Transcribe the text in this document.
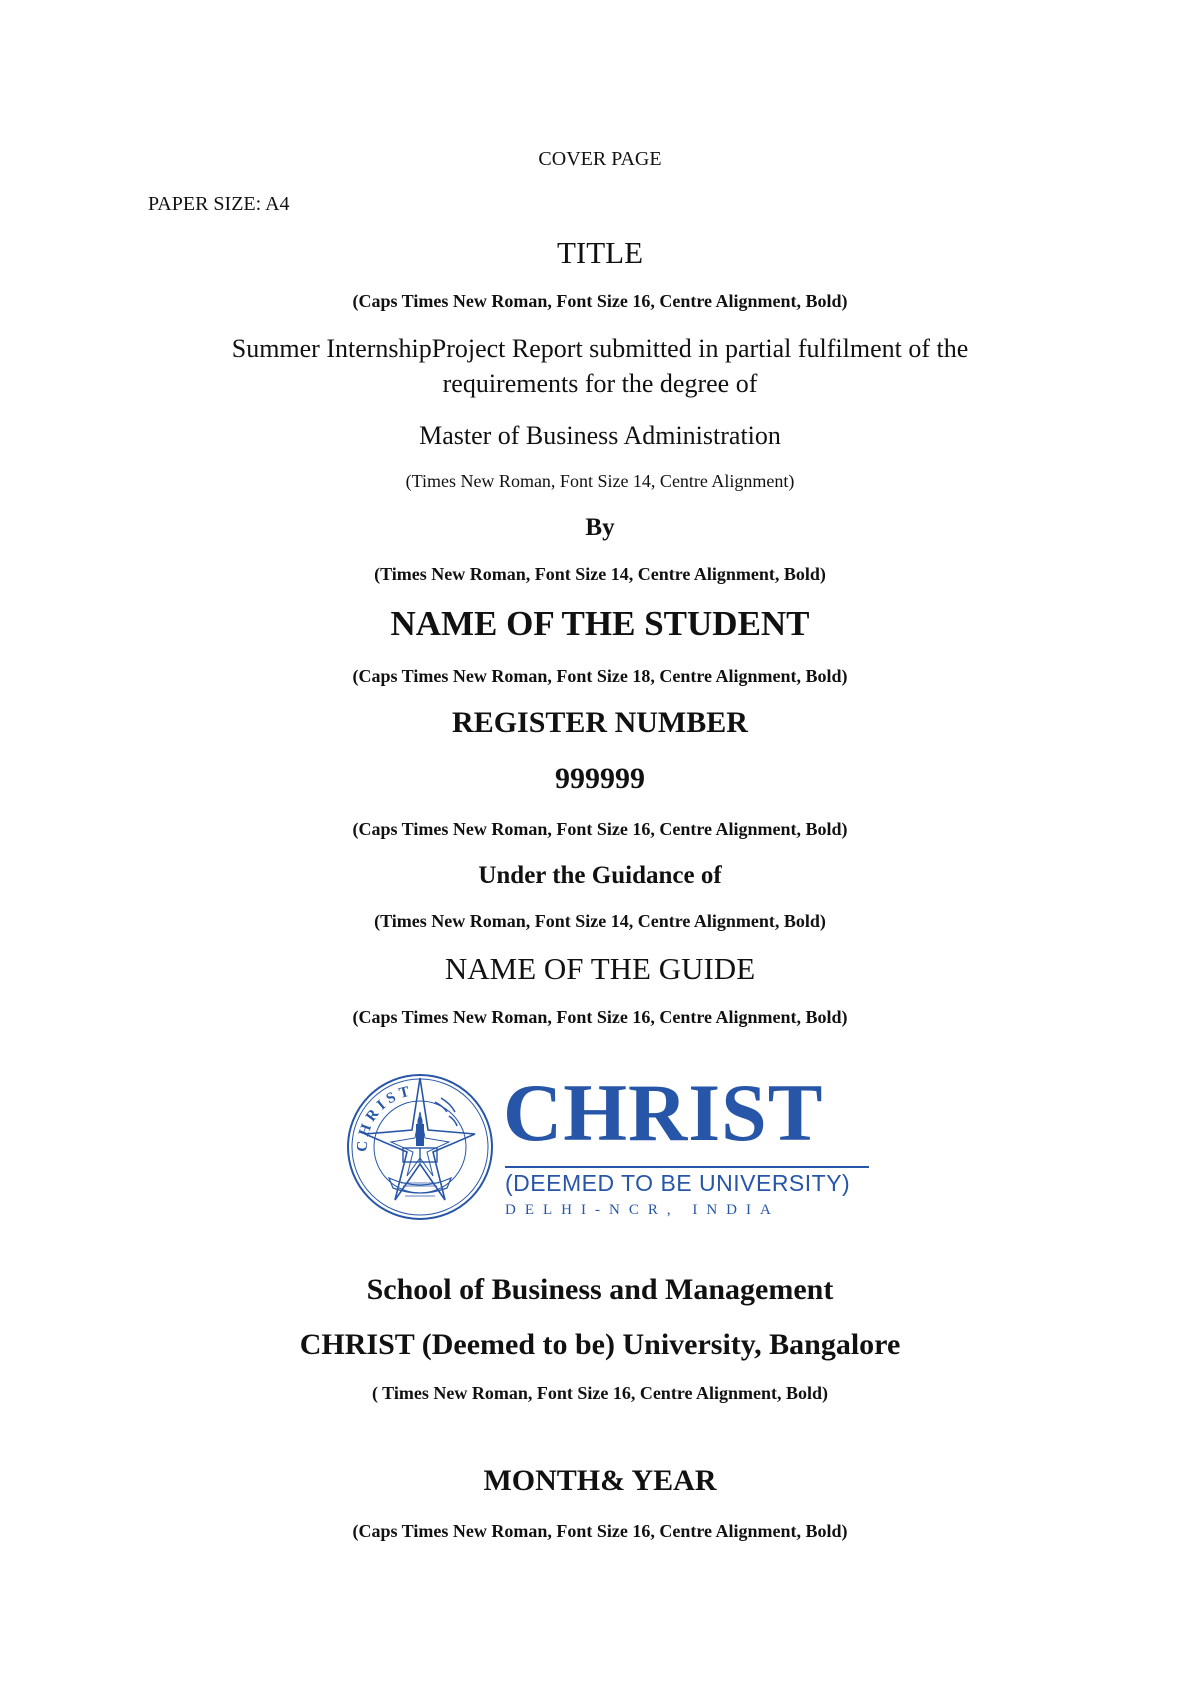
COVER PAGE
PAPER SIZE: A4
TITLE
(Caps Times New Roman, Font Size 16, Centre Alignment, Bold)
Summer InternshipProject Report submitted in partial fulfilment of the
requirements for the degree of
Master of Business Administration
(Times New Roman, Font Size 14, Centre Alignment)
By
(Times New Roman, Font Size 14, Centre Alignment, Bold)
NAME OF THE STUDENT
(Caps Times New Roman, Font Size 18, Centre Alignment, Bold)
REGISTER NUMBER
999999
(Caps Times New Roman, Font Size 16, Centre Alignment, Bold)
Under the Guidance of
(Times New Roman, Font Size 14, Centre Alignment, Bold)
NAME OF THE GUIDE
(Caps Times New Roman, Font Size 16, Centre Alignment, Bold)
CHRIST CHRIST
(DEEMED TO BE UNIVERSITY)
DELHI-NCR, INDIA
School of Business and Management
CHRIST (Deemed to be) University, Bangalore
( Times New Roman, Font Size 16, Centre Alignment, Bold)
MONTH& YEAR
(Caps Times New Roman, Font Size 16, Centre Alignment, Bold)
